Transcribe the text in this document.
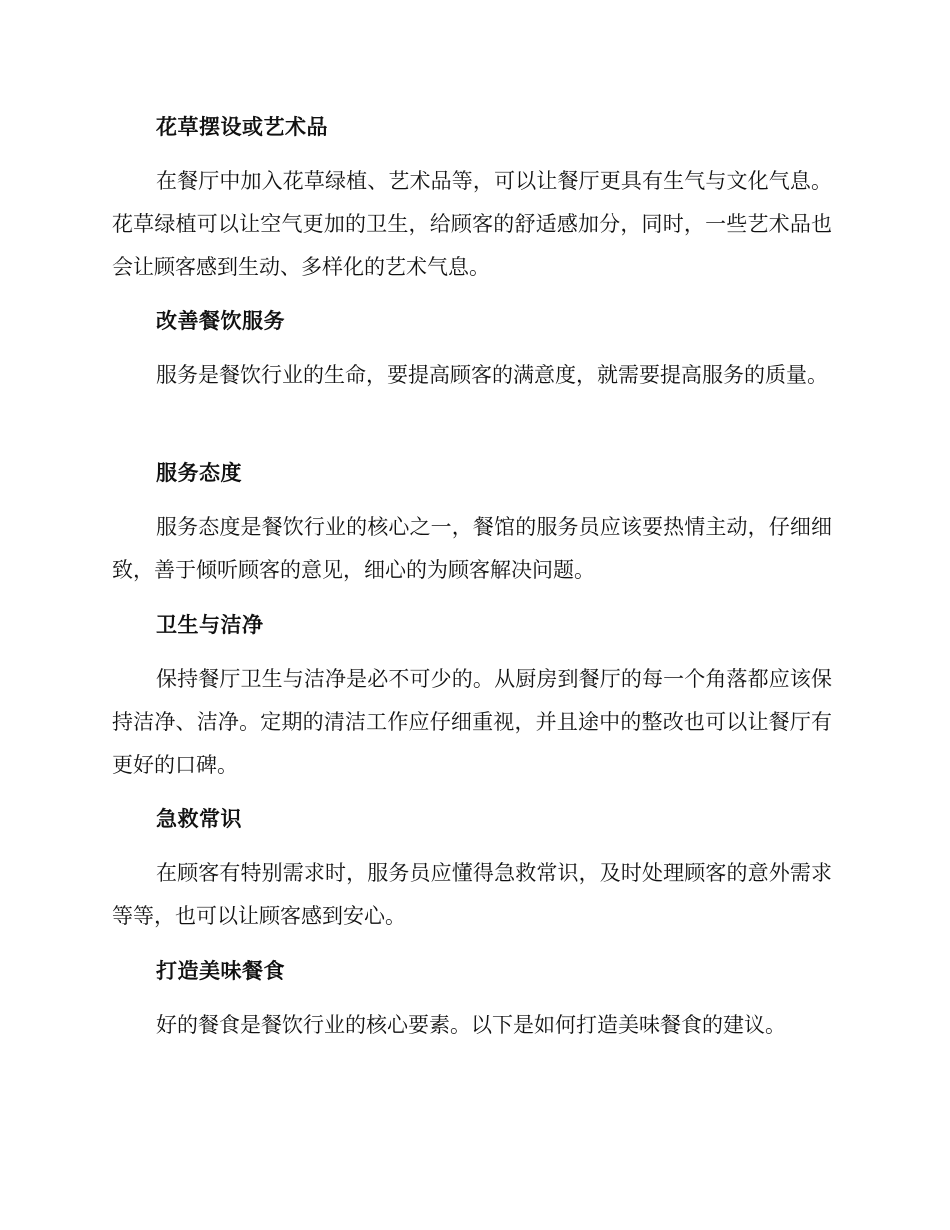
花草摆设或艺术品

在餐厅中加入花草绿植、艺术品等，可以让餐厅更具有生气与文化气息。花草绿植可以让空气更加的卫生，给顾客的舒适感加分，同时，一些艺术品也会让顾客感到生动、多样化的艺术气息。

改善餐饮服务

服务是餐饮行业的生命，要提高顾客的满意度，就需要提高服务的质量。

服务态度

服务态度是餐饮行业的核心之一，餐馆的服务员应该要热情主动，仔细细致，善于倾听顾客的意见，细心的为顾客解决问题。

卫生与洁净

保持餐厅卫生与洁净是必不可少的。从厨房到餐厅的每一个角落都应该保持洁净、洁净。定期的清洁工作应仔细重视，并且途中的整改也可以让餐厅有更好的口碑。

急救常识

在顾客有特别需求时，服务员应懂得急救常识，及时处理顾客的意外需求等等，也可以让顾客感到安心。

打造美味餐食

好的餐食是餐饮行业的核心要素。以下是如何打造美味餐食的建议。
